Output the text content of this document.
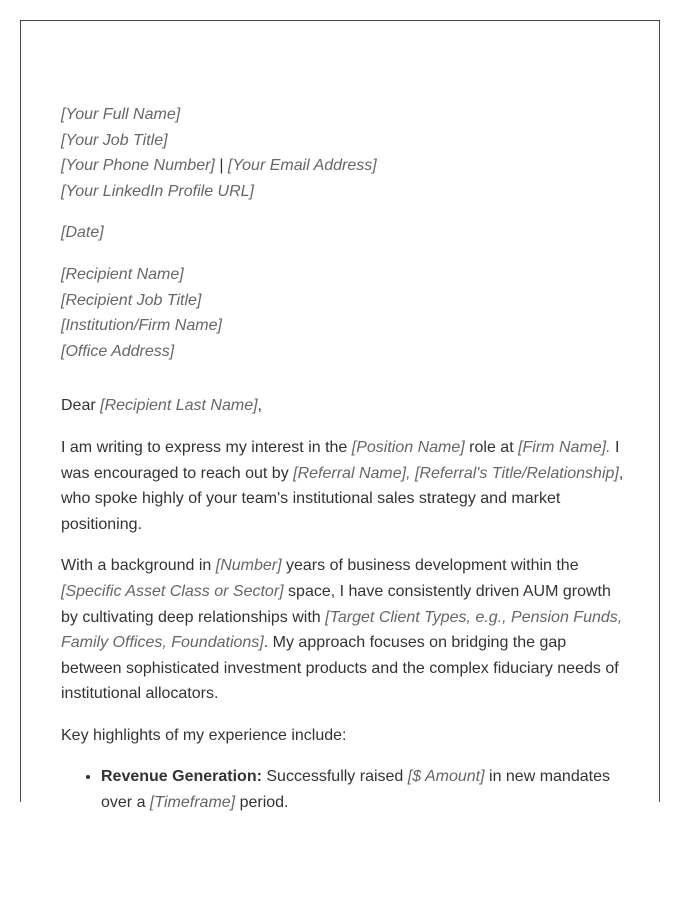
[Your Full Name]

[Your Job Title]

[Your Phone Number] | [Your Email Address]

[Your LinkedIn Profile URL]

[Date]

[Recipient Name]

[Recipient Job Title]

[Institution/Firm Name]

[Office Address]

Dear [Recipient Last Name],

I am writing to express my interest in the [Position Name] role at [Firm Name]. I was encouraged to reach out by [Referral Name], [Referral's Title/Relationship], who spoke highly of your team's institutional sales strategy and market positioning.

With a background in [Number] years of business development within the [Specific Asset Class or Sector] space, I have consistently driven AUM growth by cultivating deep relationships with [Target Client Types, e.g., Pension Funds, Family Offices, Foundations]. My approach focuses on bridging the gap between sophisticated investment products and the complex fiduciary needs of institutional allocators.

Key highlights of my experience include:

• Revenue Generation: Successfully raised [$ Amount] in new mandates over a [Timeframe] period.
